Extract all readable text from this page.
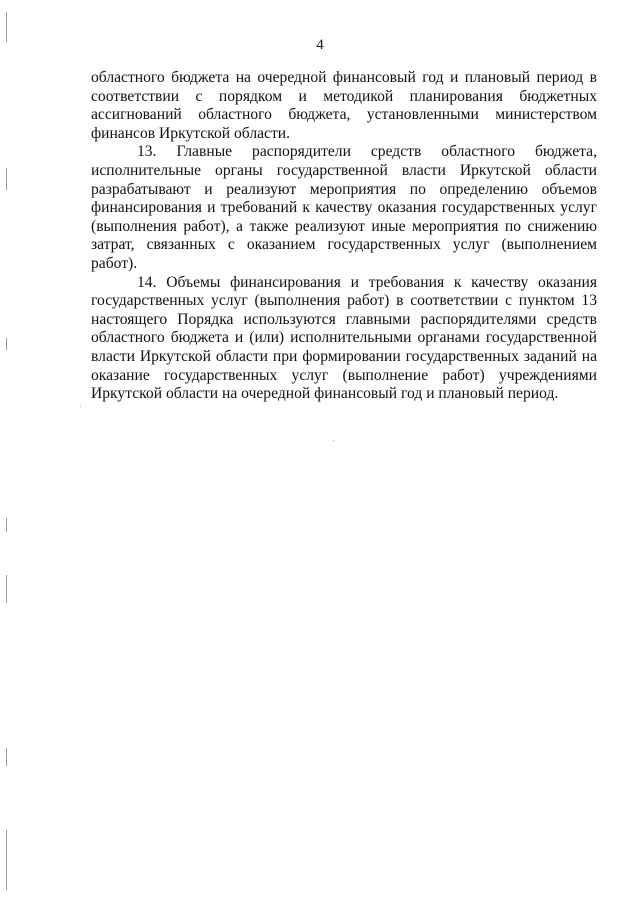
4

областного бюджета на очередной финансовый год и плановый период в соответствии с порядком и методикой планирования бюджетных ассигнований областного бюджета, установленными министерством финансов Иркутской области.

13. Главные распорядители средств областного бюджета, исполнительные органы государственной власти Иркутской области разрабатывают и реализуют мероприятия по определению объемов финансирования и требований к качеству оказания государственных услуг (выполнения работ), а также реализуют иные мероприятия по снижению затрат, связанных с оказанием государственных услуг (выполнением работ).

14. Объемы финансирования и требования к качеству оказания государственных услуг (выполнения работ) в соответствии с пунктом 13 настоящего Порядка используются главными распорядителями средств областного бюджета и (или) исполнительными органами государственной власти Иркутской области при формировании государственных заданий на оказание государственных услуг (выполнение работ) учреждениями Иркутской области на очередной финансовый год и плановый период.
